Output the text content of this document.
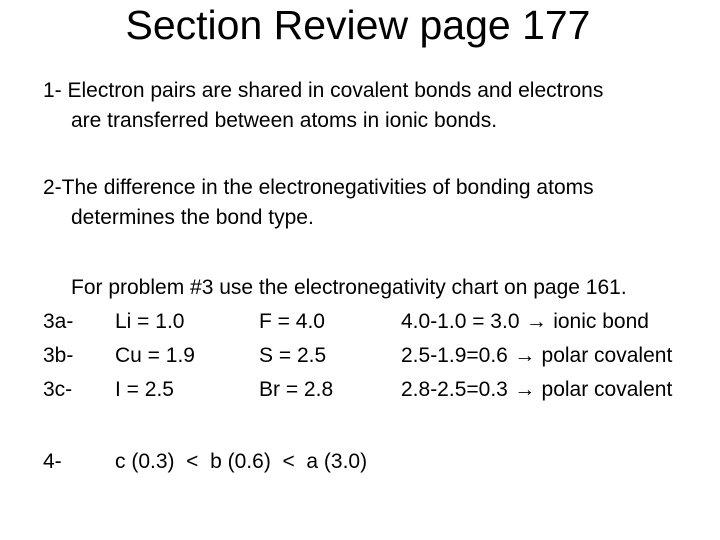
Section Review page 177
1- Electron pairs are shared in covalent bonds and electrons
are transferred between atoms in ionic bonds.
2-The difference in the electronegativities of bonding atoms
determines the bond type.
For problem #3 use the electronegativity chart on page 161.
3a- Li = 1.0	F = 4.0	4.0-1.0 = 3.0 → ionic bond
3b- Cu = 1.9	S = 2.5	2.5-1.9=0.6 → polar covalent
3c- I = 2.5	Br = 2.8	2.8-2.5=0.3 → polar covalent
4-	c (0.3)  <  b (0.6)  <  a (3.0)
